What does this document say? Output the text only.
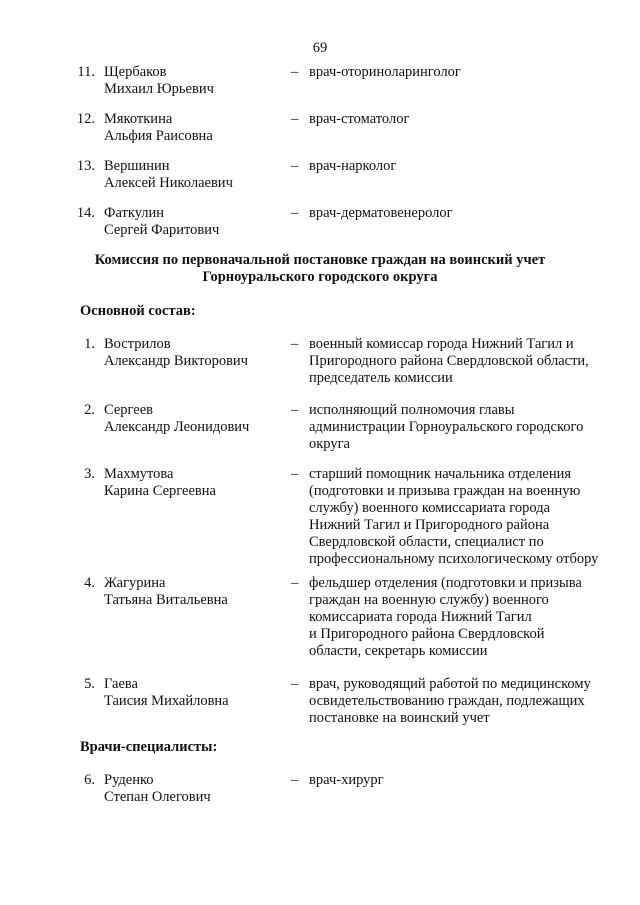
69
11. Щербаков
Михаил Юрьевич
– врач-оториноларинголог
12. Мякоткина
Альфия Раисовна
– врач-стоматолог
13. Вершинин
Алексей Николаевич
– врач-нарколог
14. Фаткулин
Сергей Фаритович
– врач-дерматовенеролог
Комиссия по первоначальной постановке граждан на воинский учет
Горноуральского городского округа
Основной состав:
1. Вострилов
Александр Викторович
– военный комиссар города Нижний Тагил и
Пригородного района Свердловской области,
председатель комиссии
2. Сергеев
Александр Леонидович
– исполняющий полномочия главы
администрации Горноуральского городского
округа
3. Махмутова
Карина Сергеевна
– старший помощник начальника отделения
(подготовки и призыва граждан на военную
службу) военного комиссариата города
Нижний Тагил и Пригородного района
Свердловской области, специалист по
профессиональному психологическому отбору
4. Жагурина
Татьяна Витальевна
– фельдшер отделения (подготовки и призыва
граждан на военную службу) военного
комиссариата города Нижний Тагил
и Пригородного района Свердловской
области, секретарь комиссии
5. Гаева
Таисия Михайловна
– врач, руководящий работой по медицинскому
освидетельствованию граждан, подлежащих
постановке на воинский учет
Врачи-специалисты:
6. Руденко
Степан Олегович
– врач-хирург
